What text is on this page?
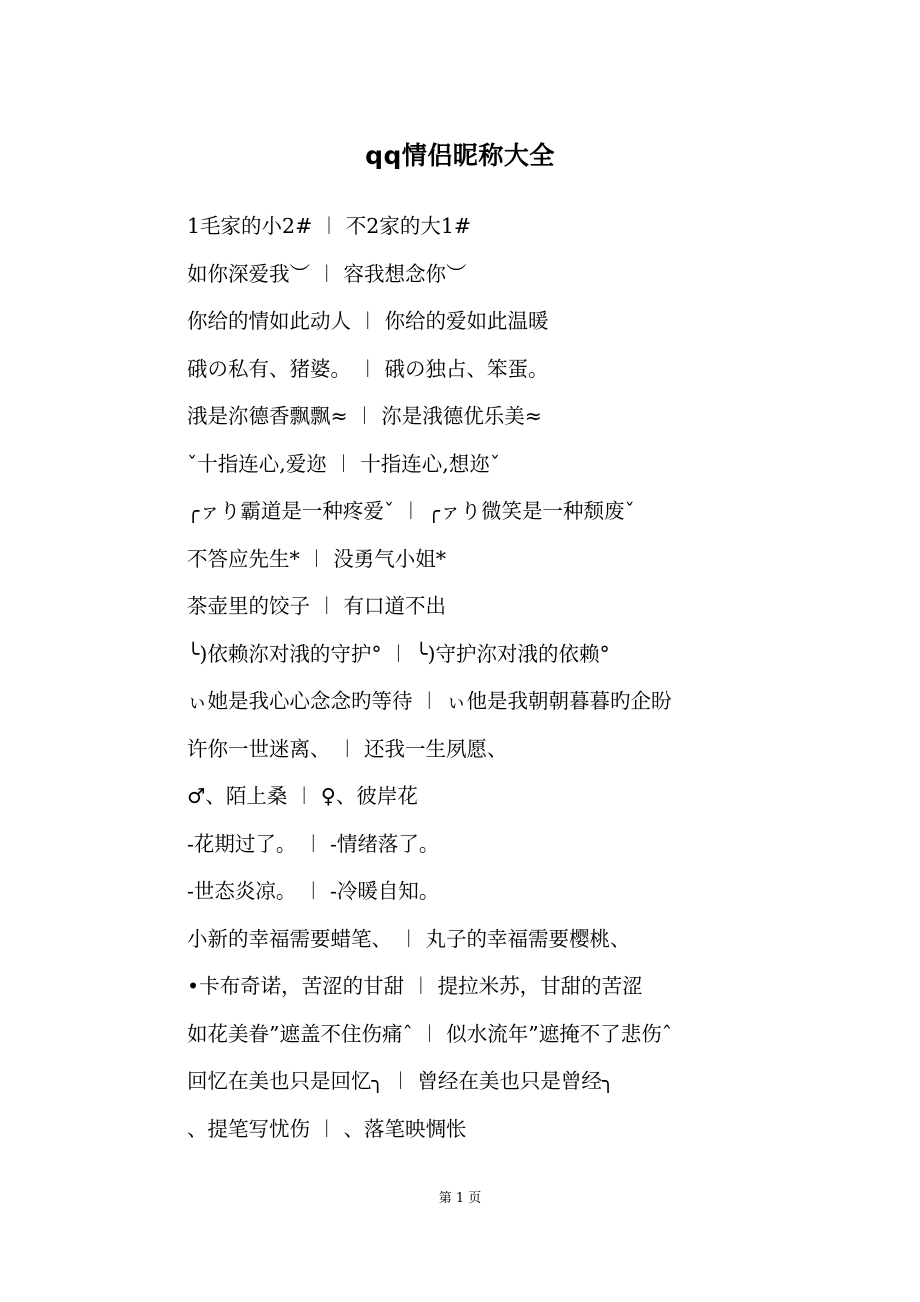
qq情侣昵称大全
1毛家的小2# ︱ 不2家的大1#
如你深爱我︶ ︱ 容我想念你︶
你给的情如此动人 ︱ 你给的爱如此温暖
硪の私有、猪婆。 ︱ 硪の独占、笨蛋。
涐是沵德香飘飘≈ ︱ 沵是涐德优乐美≈
ˇ十指连心,爱迩 ︱ 十指连心,想迩ˇ
╭ァり霸道是一种疼爱ˇ ︱ ╭ァり微笑是一种颓废ˇ
不答应先生* ︱ 没勇气小姐*
茶壶里的饺子 ︱ 有口道不出
╰)依赖沵对涐的守护° ︱ ╰)守护沵对涐的依赖°
ぃ她是我心心念念旳等待 ︱ ぃ他是我朝朝暮暮旳企盼
许你一世迷离、 ︱ 还我一生夙愿、
♂、陌上桑 ︱ ♀、彼岸花
-花期过了。 ︱ -情绪落了。
-世态炎凉。 ︱ -冷暖自知。
小新的幸福需要蜡笔、 ︱ 丸子的幸福需要樱桃、
•卡布奇诺，苦涩的甘甜 ︱ 提拉米苏，甘甜的苦涩
如花美眷”遮盖不住伤痛ˆ ︱ 似水流年”遮掩不了悲伤ˆ
回忆在美也只是回忆╮ ︱ 曾经在美也只是曾经╮
、提笔写忧伤 ︱ 、落笔映惆怅
第 1 页
